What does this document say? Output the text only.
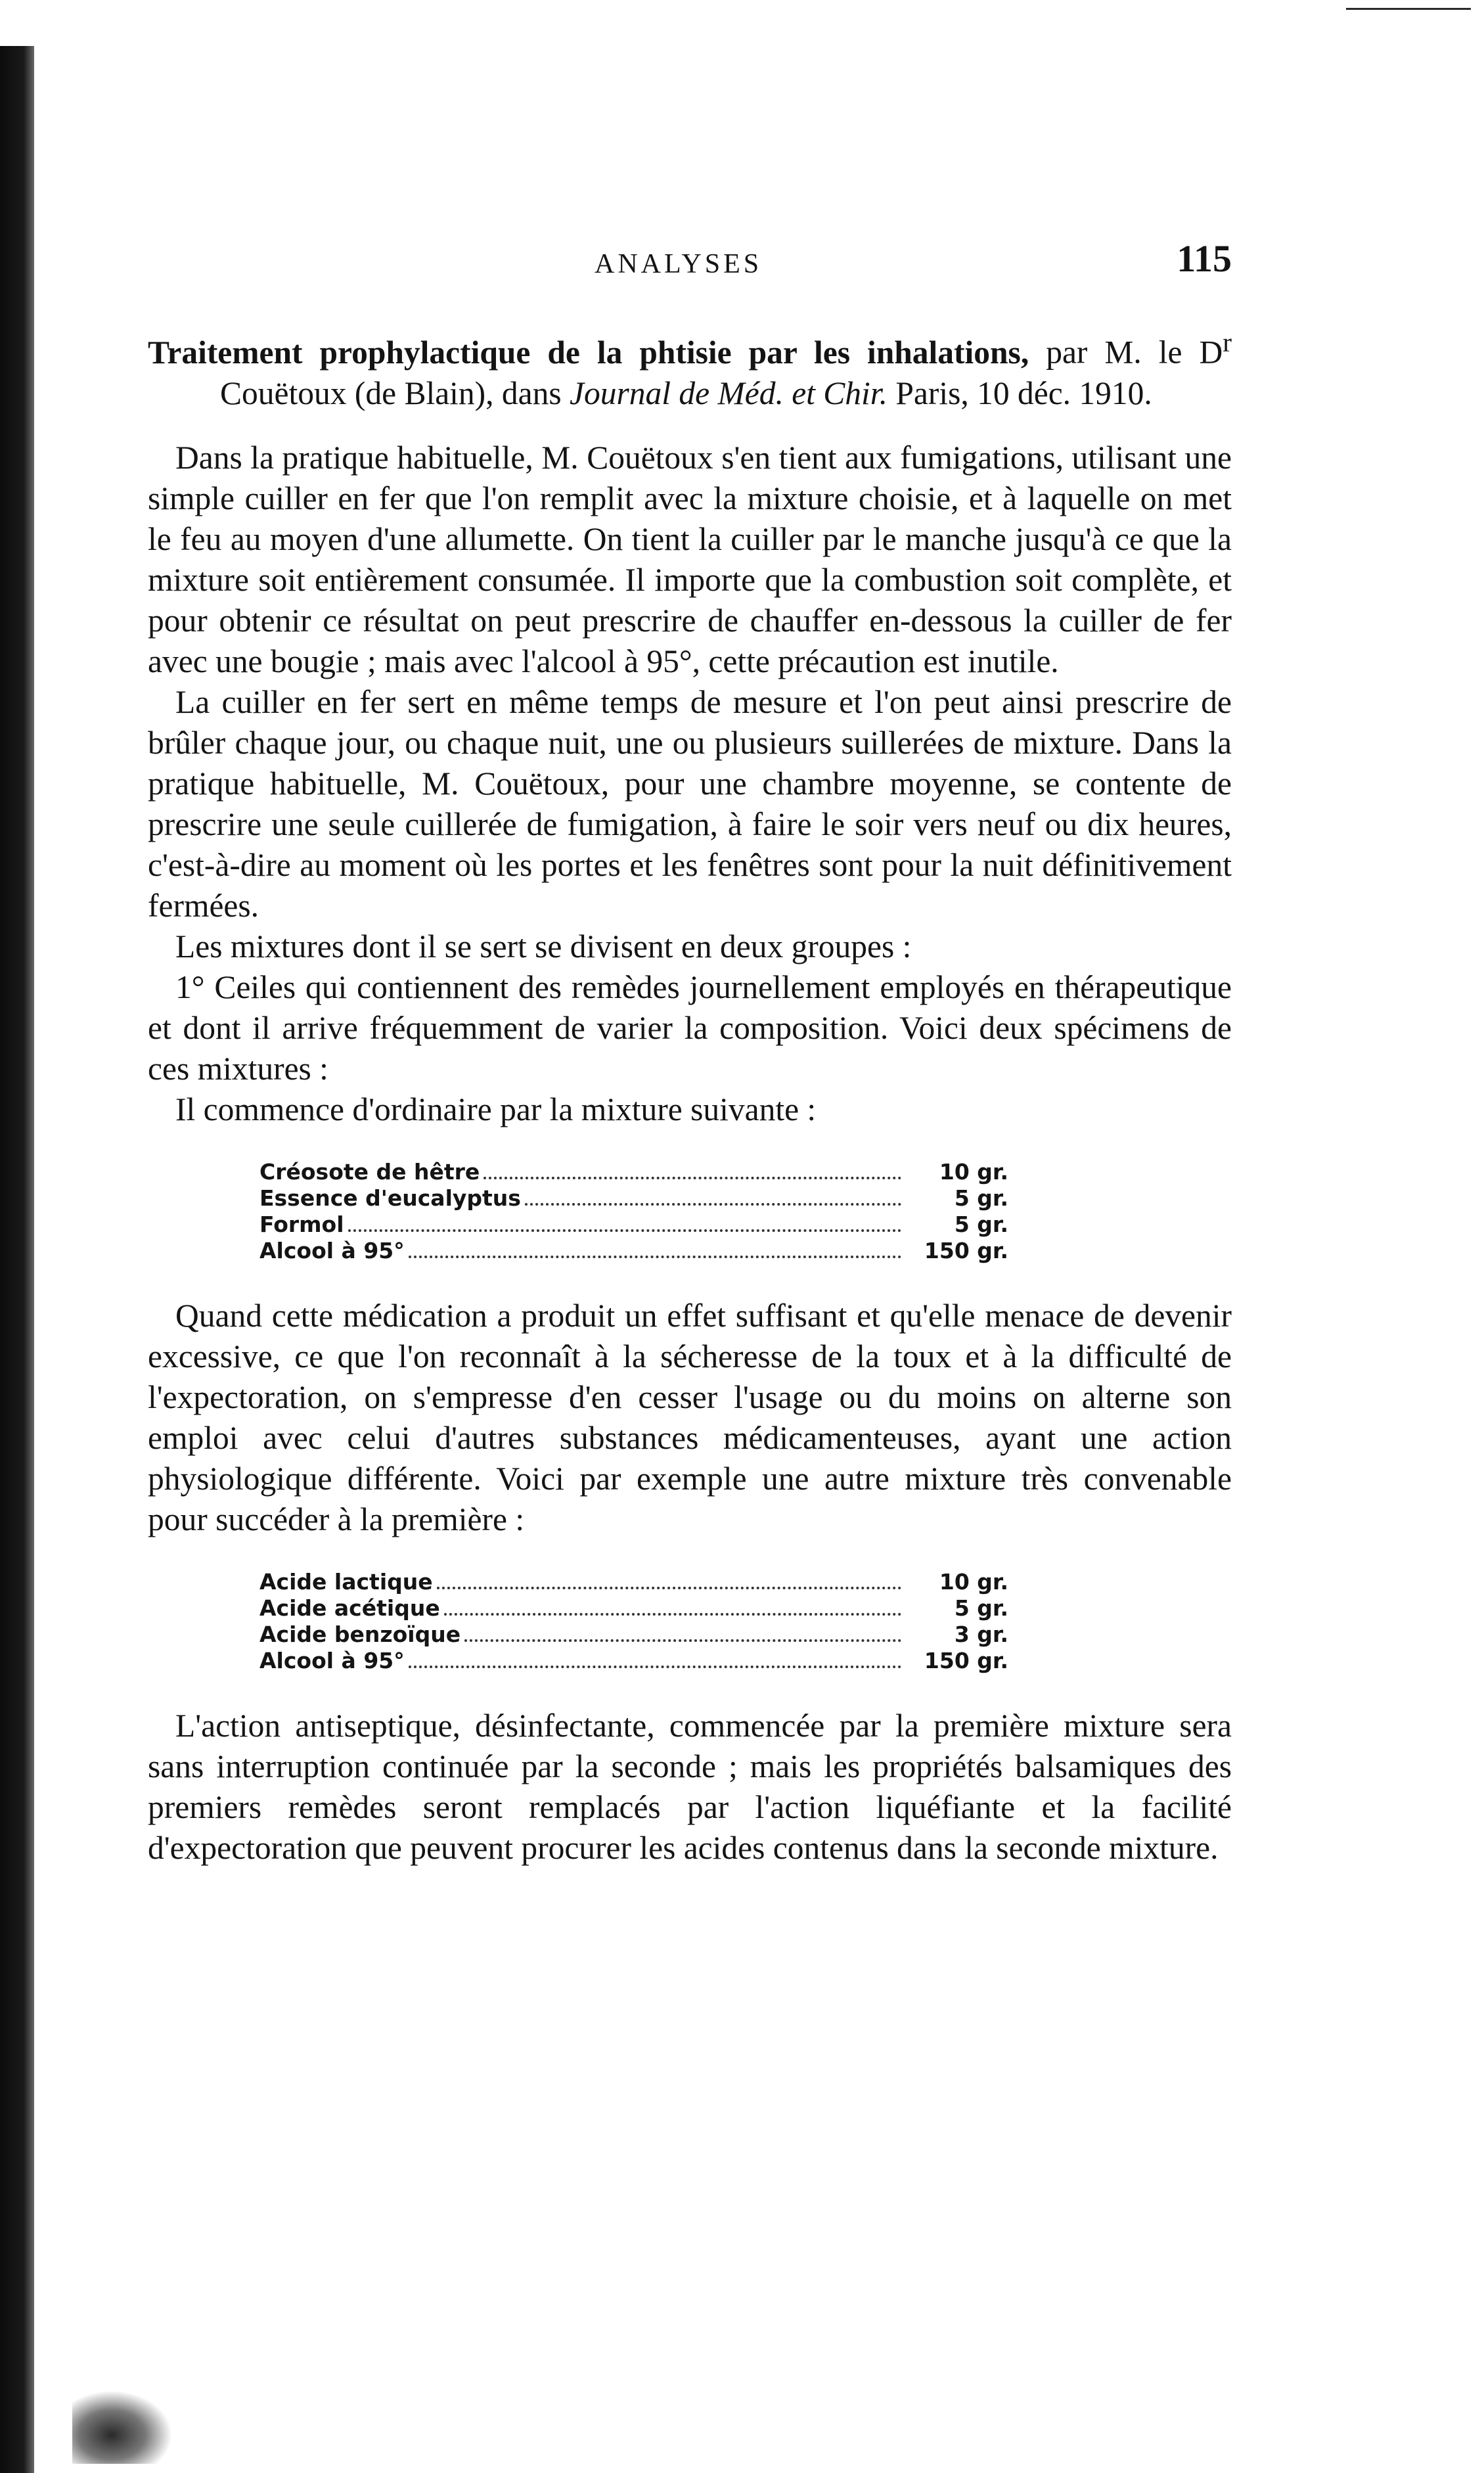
ANALYSES	115

Traitement prophylactique de la phtisie par les inhalations, par M. le $D^r$ Couëtoux (de Blain), dans Journal de Méd. et Chir. Paris, 10 déc. 1910.

Dans la pratique habituelle, M. Couëtoux s'en tient aux fumigations, utilisant une simple cuiller en fer que l'on remplit avec la mixture choisie, et à laquelle on met le feu au moyen d'une allumette. On tient la cuiller par le manche jusqu'à ce que la mixture soit entièrement consumée. Il importe que la combustion soit complète, et pour obtenir ce résultat on peut prescrire de chauffer en-dessous la cuiller de fer avec une bougie ; mais avec l'alcool à 95°, cette précaution est inutile.

La cuiller en fer sert en même temps de mesure et l'on peut ainsi prescrire de brûler chaque jour, ou chaque nuit, une ou plusieurs suillerées de mixture. Dans la pratique habituelle, M. Couëtoux, pour une chambre moyenne, se contente de prescrire une seule cuillerée de fumigation, à faire le soir vers neuf ou dix heures, c'est-à-dire au moment où les portes et les fenêtres sont pour la nuit définitivement fermées.

Les mixtures dont il se sert se divisent en deux groupes :

1° Ceiles qui contiennent des remèdes journellement employés en thérapeutique et dont il arrive fréquemment de varier la composition. Voici deux spécimens de ces mixtures :

Il commence d'ordinaire par la mixture suivante :

Créosote de hêtre	10 gr.
Essence d'eucalyptus	5 gr.
Formol	5 gr.
Alcool à 95°	150 gr.

Quand cette médication a produit un effet suffisant et qu'elle menace de devenir excessive, ce que l'on reconnaît à la sécheresse de la toux et à la difficulté de l'expectoration, on s'empresse d'en cesser l'usage ou du moins on alterne son emploi avec celui d'autres substances médicamenteuses, ayant une action physiologique différente. Voici par exemple une autre mixture très convenable pour succéder à la première :

Acide lactique	10 gr.
Acide acétique	5 gr.
Acide benzoïque	3 gr.
Alcool à 95°	150 gr.

L'action antiseptique, désinfectante, commencée par la première mixture sera sans interruption continuée par la seconde ; mais les propriétés balsamiques des premiers remèdes seront remplacés par l'action liquéfiante et la facilité d'expectoration que peuvent procurer les acides contenus dans la seconde mixture.
